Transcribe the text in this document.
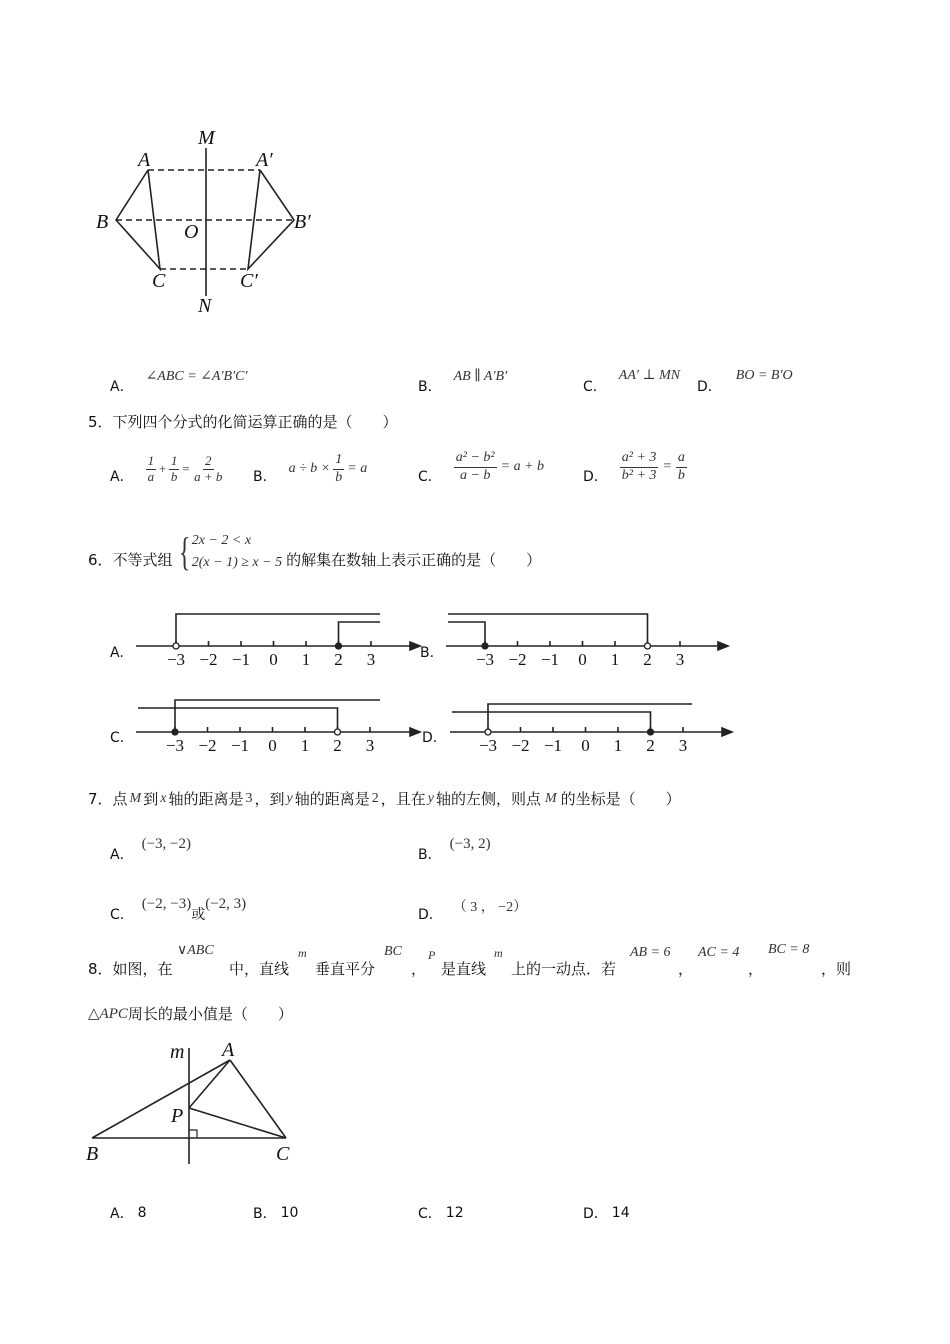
M
N
A	A′
B	B′
C	C′
O
A．
∠ABC = ∠A′B′C′
B．
AB ∥ A′B′
C．
AA′ ⊥ MN
D．
BO = B′O
5．下列四个分式的化简运算正确的是（　　）
A． $\frac{1}{a} + \frac{1}{b} = \frac{2}{a + b}$ B．
$a \div b \times \frac{1}{b} = a$
C． $\frac{\text{a² − b²}}{a - b} = a + b$
D． $\frac{\text{a² + 3}}{\text{b² + 3}} = \frac{a}{b}$
6．不等式组 { 2x − 2 < x
2(x − 1) ≥ x − 5 的解集在数轴上表示正确的是（　　）
A.	B.
C.	D.
−3 −2 −1 0 1 2 3	−3 −2 −1 0 1 2 3
−3 −2 −1 0 1 2 3	−3 −2 −1 0 1 2 3
7．点 M 到 x 轴的距离是 3 ，到 y 轴的距离是 2 ，且在 y 轴的左侧，则点 M 的坐标是（　　）
A．
(−3, −2)
B．
(−3, 2)
C．
(−2, −3)
或
(−2, 3)
D． （ 3 ， −2）
8．如图，在
∨ABC
中，直线
m
垂直平分
BC
，
P
是直线
m
上的一动点．若
AB = 6
，
AC = 4
，
BC = 8
，则
△APC 周长的最小值是（　　）
m A
P
B	C
A． 8	B． 10	C． 12	D． 14
